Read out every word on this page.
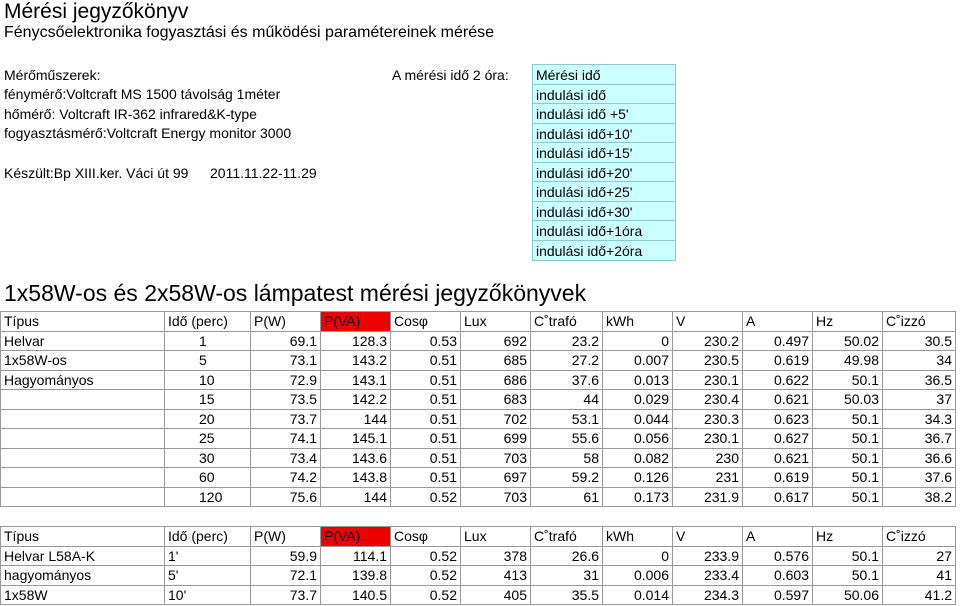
Mérési jegyzőkönyv
Fénycsőelektronika fogyasztási és működési paramétereinek mérése
Mérőműszerek:
fénymérő:Voltcraft MS 1500 távolság 1méter
hőmérő: Voltcraft IR-362 infrared&K-type
fogyasztásmérő:Voltcraft Energy monitor 3000
Készült:Bp XIII.ker. Váci út 99 2011.11.22-11.29
A mérési idő 2 óra: Mérési idő
indulási idő
indulási idő +5'
indulási idő+10'
indulási idő+15'
indulási idő+20'
indulási idő+25'
indulási idő+30'
indulási idő+1óra
indulási idő+2óra
1x58W-os és 2x58W-os lámpatest mérési jegyzőkönyvek
Típus	Idő (perc)	P(W)	P(VA)	Cosφ	Lux	C˚trafó	kWh	V	A	Hz	C˚izzó
Helvar	1	69.1	128.3	0.53	692	23.2	0	230.2	0.497	50.02	30.5
1x58W-os	5	73.1	143.2	0.51	685	27.2	0.007	230.5	0.619	49.98	34
Hagyományos	10	72.9	143.1	0.51	686	37.6	0.013	230.1	0.622	50.1	36.5
	15	73.5	142.2	0.51	683	44	0.029	230.4	0.621	50.03	37
	20	73.7	144	0.51	702	53.1	0.044	230.3	0.623	50.1	34.3
	25	74.1	145.1	0.51	699	55.6	0.056	230.1	0.627	50.1	36.7
	30	73.4	143.6	0.51	703	58	0.082	230	0.621	50.1	36.6
	60	74.2	143.8	0.51	697	59.2	0.126	231	0.619	50.1	37.6
	120	75.6	144	0.52	703	61	0.173	231.9	0.617	50.1	38.2
Típus	Idő (perc)	P(W)	P(VA)	Cosφ	Lux	C˚trafó	kWh	V	A	Hz	C˚izzó
Helvar L58A-K	1'	59.9	114.1	0.52	378	26.6	0	233.9	0.576	50.1	27
hagyományos	5'	72.1	139.8	0.52	413	31	0.006	233.4	0.603	50.1	41
1x58W	10'	73.7	140.5	0.52	405	35.5	0.014	234.3	0.597	50.06	41.2
